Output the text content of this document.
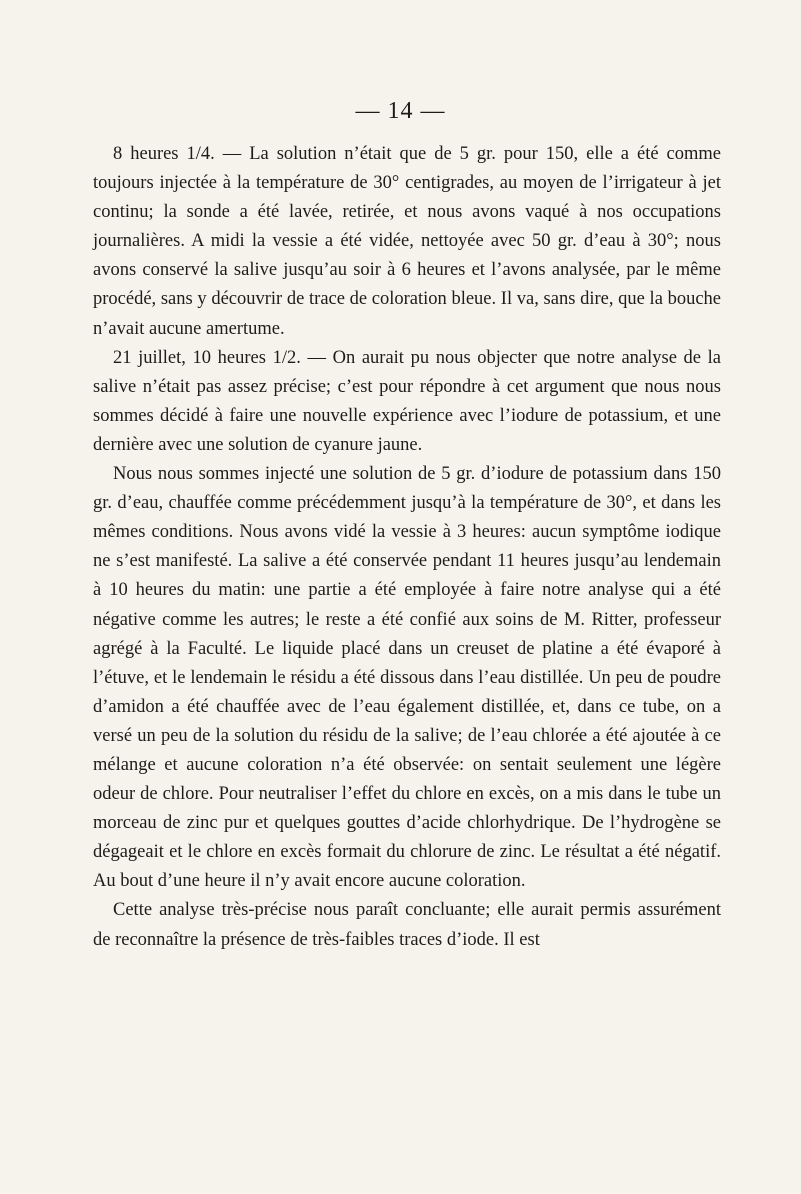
— 14 —

8 heures 1/4. — La solution n’était que de 5 gr. pour 150, elle a été comme toujours injectée à la température de 30° centigrades, au moyen de l’irrigateur à jet continu; la sonde a été lavée, retirée, et nous avons vaqué à nos occupations journalières. A midi la vessie a été vidée, nettoyée avec 50 gr. d’eau à 30°; nous avons conservé la salive jusqu’au soir à 6 heures et l’avons analysée, par le même procédé, sans y découvrir de trace de coloration bleue. Il va, sans dire, que la bouche n’avait aucune amertume.

21 juillet, 10 heures 1/2. — On aurait pu nous objecter que notre analyse de la salive n’était pas assez précise; c’est pour répondre à cet argument que nous nous sommes décidé à faire une nouvelle expérience avec l’iodure de potassium, et une dernière avec une solution de cyanure jaune.

Nous nous sommes injecté une solution de 5 gr. d’iodure de potassium dans 150 gr. d’eau, chauffée comme précédemment jusqu’à la température de 30°, et dans les mêmes conditions. Nous avons vidé la vessie à 3 heures: aucun symptôme iodique ne s’est manifesté. La salive a été conservée pendant 11 heures jusqu’au lendemain à 10 heures du matin: une partie a été employée à faire notre analyse qui a été négative comme les autres; le reste a été confié aux soins de M. Ritter, professeur agrégé à la Faculté. Le liquide placé dans un creuset de platine a été évaporé à l’étuve, et le lendemain le résidu a été dissous dans l’eau distillée. Un peu de poudre d’amidon a été chauffée avec de l’eau également distillée, et, dans ce tube, on a versé un peu de la solution du résidu de la salive; de l’eau chlorée a été ajoutée à ce mélange et aucune coloration n’a été observée: on sentait seulement une légère odeur de chlore. Pour neutraliser l’effet du chlore en excès, on a mis dans le tube un morceau de zinc pur et quelques gouttes d’acide chlorhydrique. De l’hydrogène se dégageait et le chlore en excès formait du chlorure de zinc. Le résultat a été négatif. Au bout d’une heure il n’y avait encore aucune coloration.

Cette analyse très-précise nous paraît concluante; elle aurait permis assurément de reconnaître la présence de très-faibles traces d’iode. Il est
